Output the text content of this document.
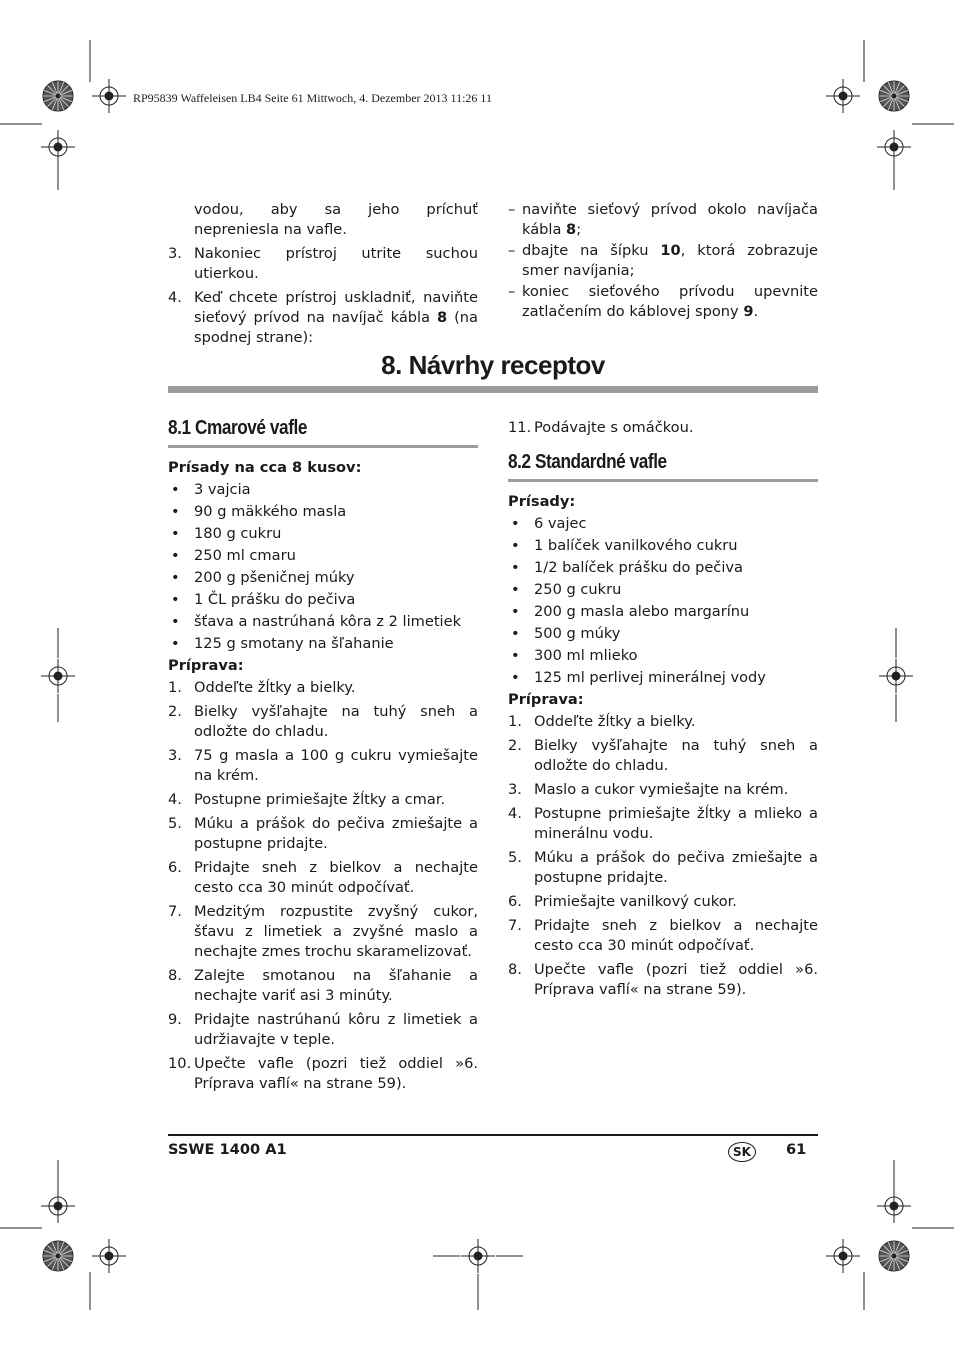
RP95839 Waffeleisen LB4 Seite 61 Mittwoch, 4. Dezember 2013 11:26 11
vodou, aby sa jeho príchuť nepreniesla na vafle.
3. Nakoniec prístroj utrite suchou utierkou.
4. Keď chcete prístroj uskladniť, naviňte sieťový prívod na navíjač kábla 8 (na spodnej strane):
– naviňte sieťový prívod okolo navíjača kábla 8;
– dbajte na šípku 10, ktorá zobrazuje smer navíjania;
– koniec sieťového prívodu upevnite zatlačením do káblovej spony 9.
8. Návrhy receptov
8.1 Cmarové vafle
Prísady na cca 8 kusov:
• 3 vajcia
• 90 g mäkkého masla
• 180 g cukru
• 250 ml cmaru
• 200 g pšeničnej múky
• 1 ČL prášku do pečiva
• šťava a nastrúhaná kôra z 2 limetiek
• 125 g smotany na šľahanie
Príprava:
1. Oddeľte žĺtky a bielky.
2. Bielky vyšľahajte na tuhý sneh a odložte do chladu.
3. 75 g masla a 100 g cukru vymiešajte na krém.
4. Postupne primiešajte žĺtky a cmar.
5. Múku a prášok do pečiva zmiešajte a postupne pridajte.
6. Pridajte sneh z bielkov a nechajte cesto cca 30 minút odpočívať.
7. Medzitým rozpustite zvyšný cukor, šťavu z limetiek a zvyšné maslo a nechajte zmes trochu skaramelizovať.
8. Zalejte smotanou na šľahanie a nechajte variť asi 3 minúty.
9. Pridajte nastrúhanú kôru z limetiek a udržiavajte v teple.
10. Upečte vafle (pozri tiež oddiel »6. Príprava vaflí« na strane 59).
11. Podávajte s omáčkou.
8.2 Standardné vafle
Prísady:
• 6 vajec
• 1 balíček vanilkového cukru
• 1/2 balíček prášku do pečiva
• 250 g cukru
• 200 g masla alebo margarínu
• 500 g múky
• 300 ml mlieko
• 125 ml perlivej minerálnej vody
Príprava:
1. Oddeľte žĺtky a bielky.
2. Bielky vyšľahajte na tuhý sneh a odložte do chladu.
3. Maslo a cukor vymiešajte na krém.
4. Postupne primiešajte žĺtky a mlieko a minerálnu vodu.
5. Múku a prášok do pečiva zmiešajte a postupne pridajte.
6. Primiešajte vanilkový cukor.
7. Pridajte sneh z bielkov a nechajte cesto cca 30 minút odpočívať.
8. Upečte vafle (pozri tiež oddiel »6. Príprava vaflí« na strane 59).
SSWE 1400 A1	SK	61
